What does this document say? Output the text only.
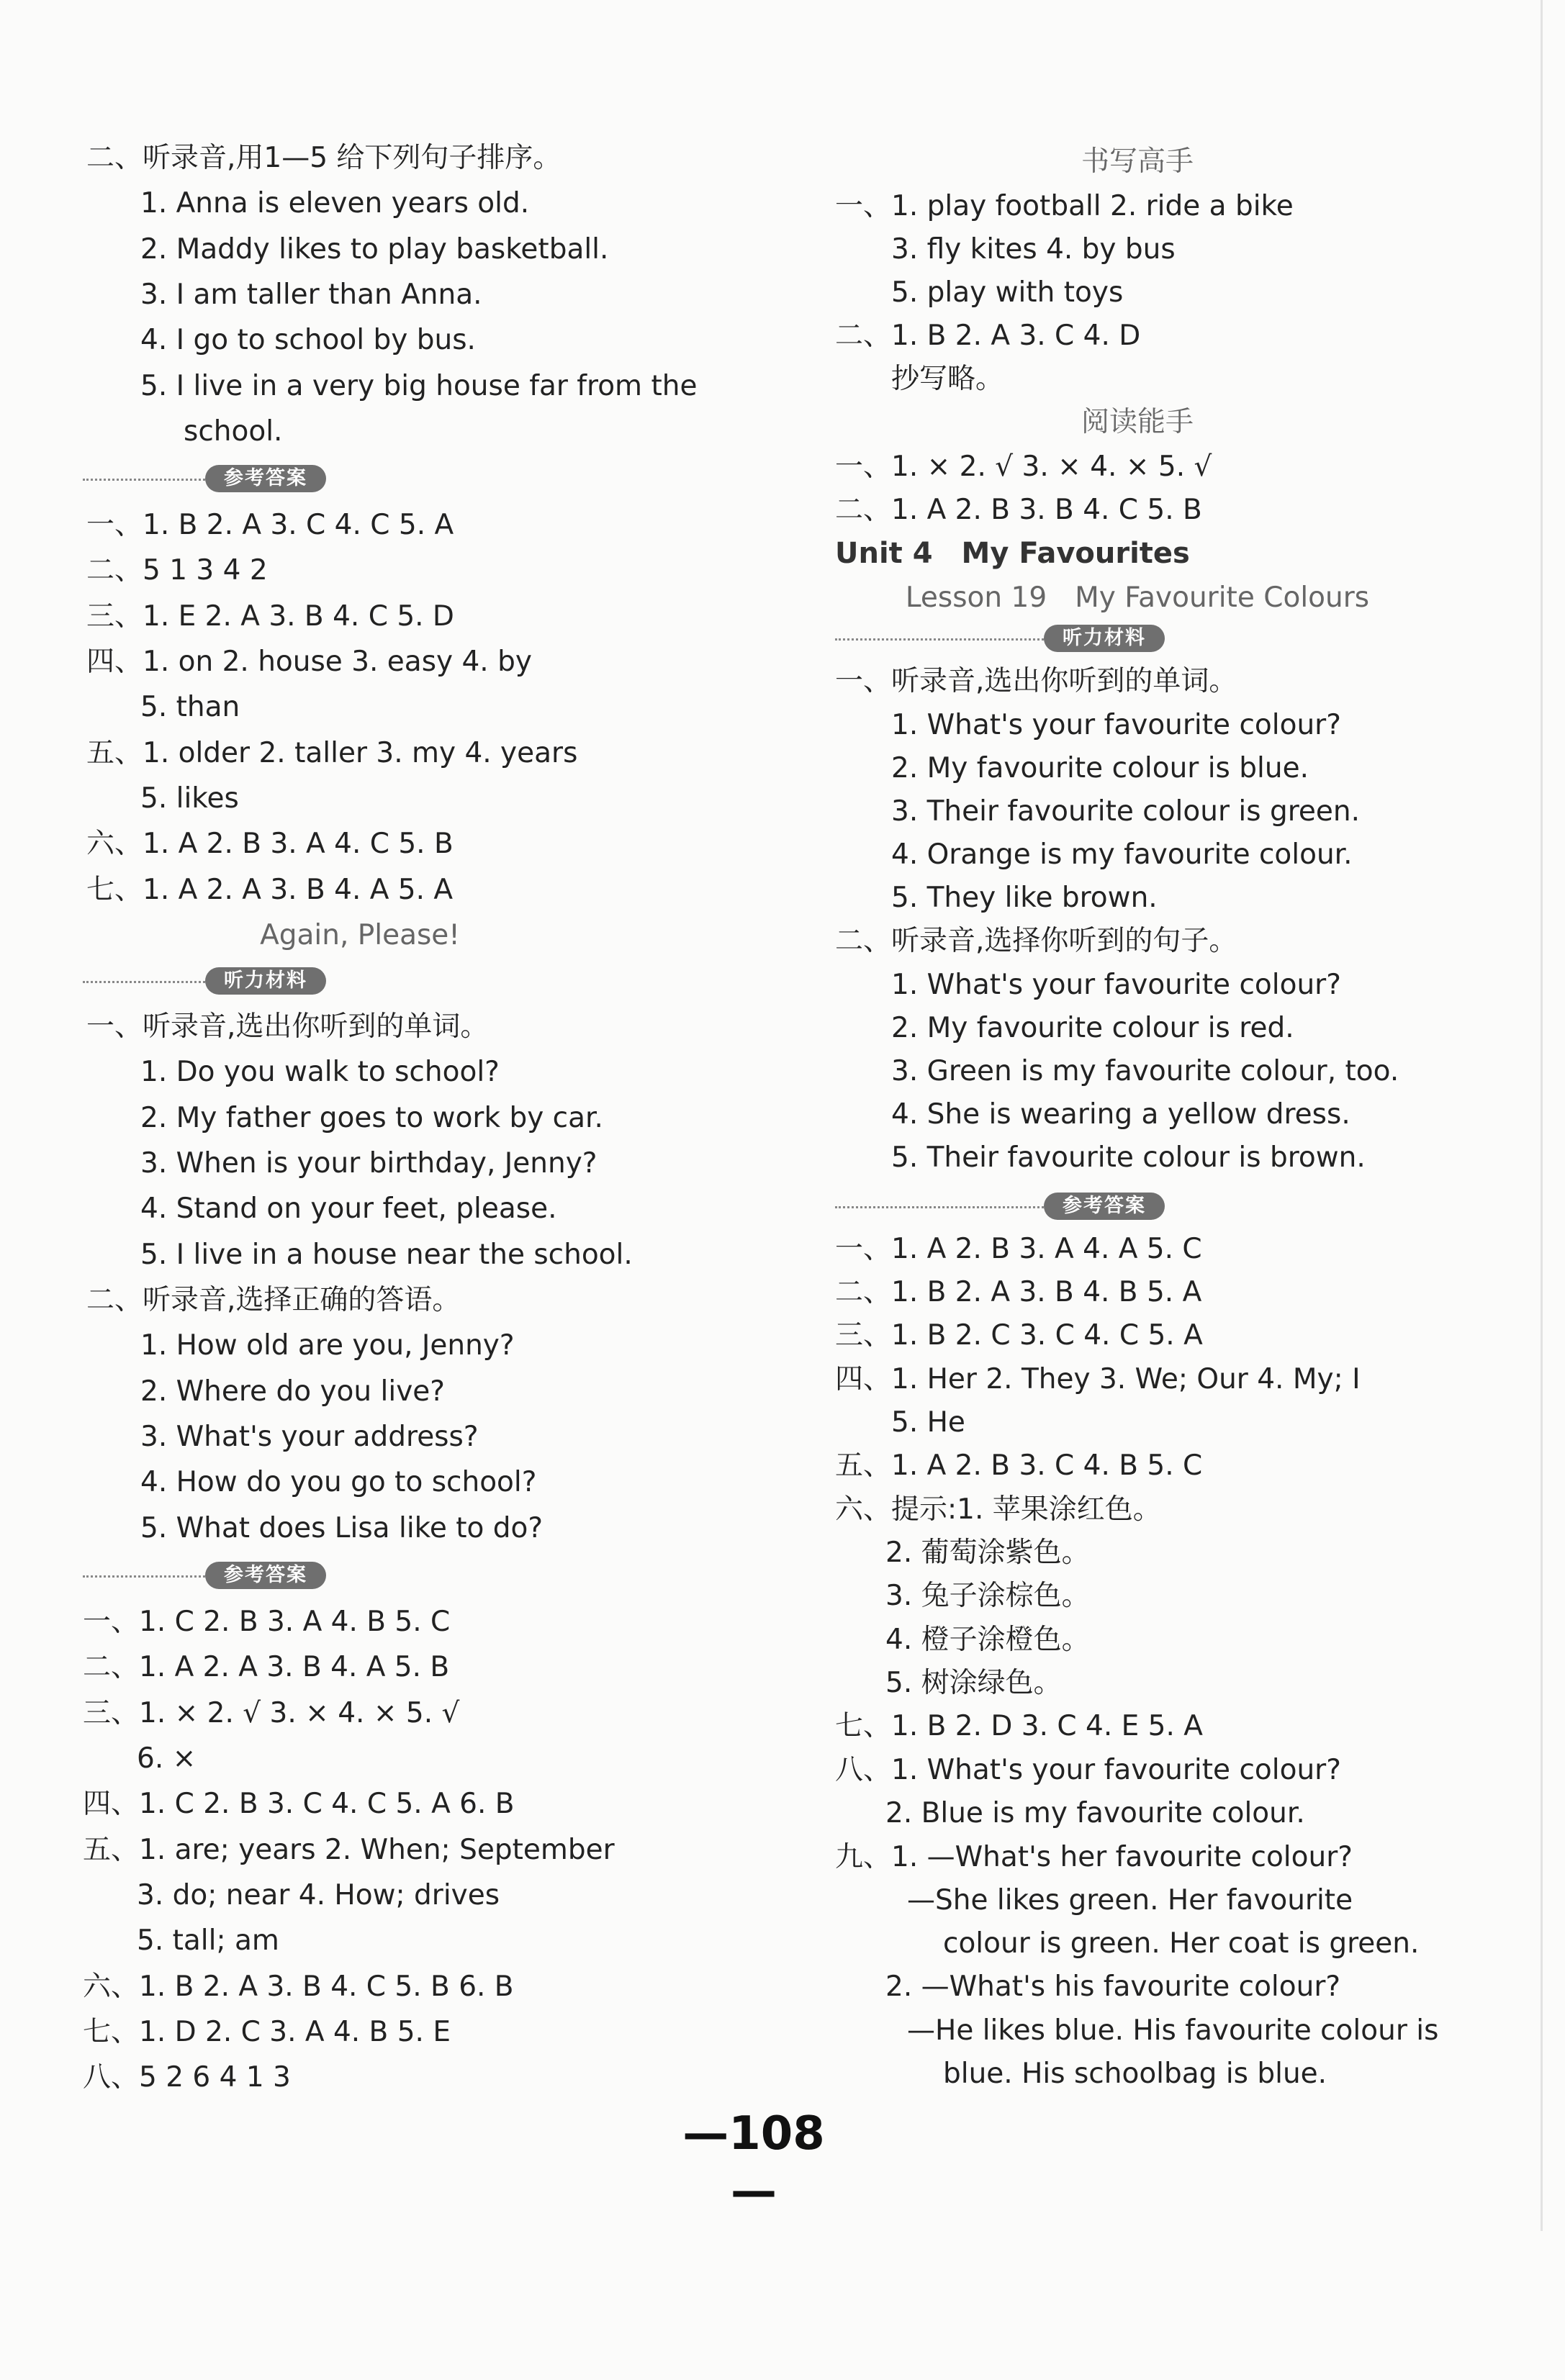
二、听录音,用1—5 给下列句子排序。
1. Anna is eleven years old.
2. Maddy likes to play basketball.
3. I am taller than Anna.
4. I go to school by bus.
5. I live in a very big house far from the
school.
参考答案
一、1. B 2. A 3. C 4. C 5. A
二、5 1 3 4 2
三、1. E 2. A 3. B 4. C 5. D
四、1. on 2. house 3. easy 4. by
5. than
五、1. older 2. taller 3. my 4. years
5. likes
六、1. A 2. B 3. A 4. C 5. B
七、1. A 2. A 3. B 4. A 5. A
Again, Please!
听力材料
一、听录音,选出你听到的单词。
1. Do you walk to school?
2. My father goes to work by car.
3. When is your birthday, Jenny?
4. Stand on your feet, please.
5. I live in a house near the school.
二、听录音,选择正确的答语。
1. How old are you, Jenny?
2. Where do you live?
3. What's your address?
4. How do you go to school?
5. What does Lisa like to do?
参考答案
一、1. C 2. B 3. A 4. B 5. C
二、1. A 2. A 3. B 4. A 5. B
三、1. × 2. √ 3. × 4. × 5. √
6. ×
四、1. C 2. B 3. C 4. C 5. A 6. B
五、1. are; years 2. When; September
3. do; near 4. How; drives
5. tall; am
六、1. B 2. A 3. B 4. C 5. B 6. B
七、1. D 2. C 3. A 4. B 5. E
八、5 2 6 4 1 3
书写高手
一、1. play football 2. ride a bike
3. fly kites 4. by bus
5. play with toys
二、1. B 2. A 3. C 4. D
抄写略。
阅读能手
一、1. × 2. √ 3. × 4. × 5. √
二、1. A 2. B 3. B 4. C 5. B
Unit 4　My Favourites
Lesson 19　My Favourite Colours
听力材料
一、听录音,选出你听到的单词。
1. What's your favourite colour?
2. My favourite colour is blue.
3. Their favourite colour is green.
4. Orange is my favourite colour.
5. They like brown.
二、听录音,选择你听到的句子。
1. What's your favourite colour?
2. My favourite colour is red.
3. Green is my favourite colour, too.
4. She is wearing a yellow dress.
5. Their favourite colour is brown.
参考答案
一、1. A 2. B 3. A 4. A 5. C
二、1. B 2. A 3. B 4. B 5. A
三、1. B 2. C 3. C 4. C 5. A
四、1. Her 2. They 3. We; Our 4. My; I
5. He
五、1. A 2. B 3. C 4. B 5. C
六、提示:1. 苹果涂红色。
2. 葡萄涂紫色。
3. 兔子涂棕色。
4. 橙子涂橙色。
5. 树涂绿色。
七、1. B 2. D 3. C 4. E 5. A
八、1. What's your favourite colour?
2. Blue is my favourite colour.
九、1. —What's her favourite colour?
—She likes green. Her favourite
colour is green. Her coat is green.
2. —What's his favourite colour?
—He likes blue. His favourite colour is
blue. His schoolbag is blue.
—108 —
